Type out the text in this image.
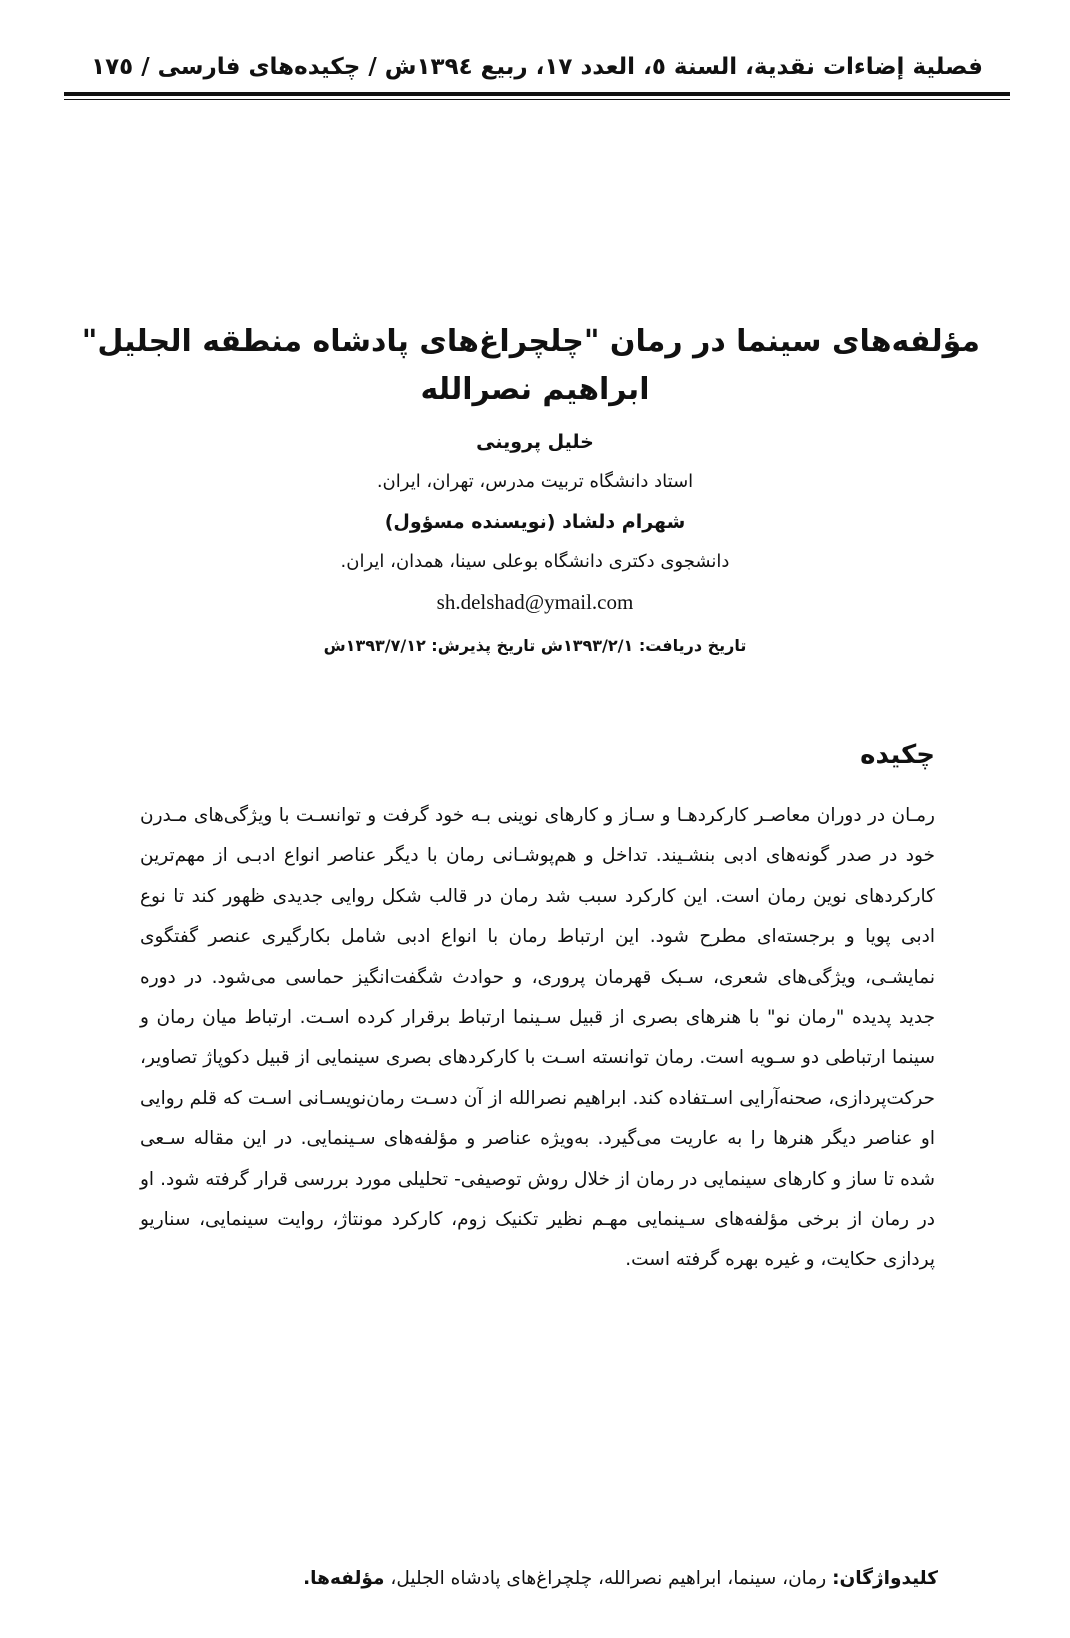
فصلية إضاءات نقدية، السنة ٥، العدد ١٧، ربيع ١٣٩٤ش / چکیده‌های فارسی / ١٧٥
مؤلفه‌های سینما در رمان "چلچراغ‌های پادشاه منطقه الجلیل"
ابراهیم نصرالله
خلیل پروینی
استاد دانشگاه تربیت مدرس، تهران، ایران.
شهرام دلشاد (نویسنده مسؤول)
دانشجوی دکتری دانشگاه بوعلی سینا، همدان، ایران.
sh.delshad@ymail.com
تاریخ دریافت: ١٣٩٣/٢/١ش تاریخ پذیرش: ١٣٩٣/٧/١٢ش
چکیده

رمـان در دوران معاصـر کارکردهـا و سـاز و کارهای نوینی بـه خود گرفت و توانسـت با ویژگی‌های مـدرن خود در صدر گونه‌های ادبی بنشـیند. تداخل و هم‌پوشـانی رمان با دیگر عناصر انواع ادبـی از مهم‌ترین کارکردهای نوین رمان است. این کارکرد سبب شد رمان در قالب شکل روایی جدیدی ظهور کند تا نوع ادبی پویا و برجسته‌ای مطرح شود. این ارتباط رمان با انواع ادبی شامل بکارگیری عنصر گفتگوی نمایشـی، ویژگی‌های شعری، سـبک قهرمان پروری، و حوادث شگفت‌انگیز حماسی می‌شود. در دوره جدید پدیده "رمان نو" با هنرهای بصری از قبیل سـینما ارتباط برقرار کرده اسـت. ارتباط میان رمان و سینما ارتباطی دو سـویه است. رمان توانسته اسـت با کارکردهای بصری سینمایی از قبیل دکوپاژ تصاویر، حرکت‌پردازی، صحنه‌آرایی اسـتفاده کند. ابراهیم نصرالله از آن دسـت رمان‌نویسـانی اسـت که قلم روایی او عناصر دیگر هنرها را به عاریت می‌گیرد. به‌ویژه عناصر و مؤلفه‌های سـینمایی. در این مقاله سـعی شده تا ساز و کارهای سینمایی در رمان از خلال روش توصیفی- تحلیلی مورد بررسی قرار گرفته شود. او در رمان از برخی مؤلفه‌های سـینمایی مهـم نظیر تکنیک زوم، کارکرد مونتاژ، روایت سینمایی، سناریو پردازی حکایت، و غیره بهره گرفته است.

کلیدواژگان: رمان، سینما، ابراهیم نصرالله، چلچراغ‌های پادشاه الجلیل، مؤلفه‌ها.
